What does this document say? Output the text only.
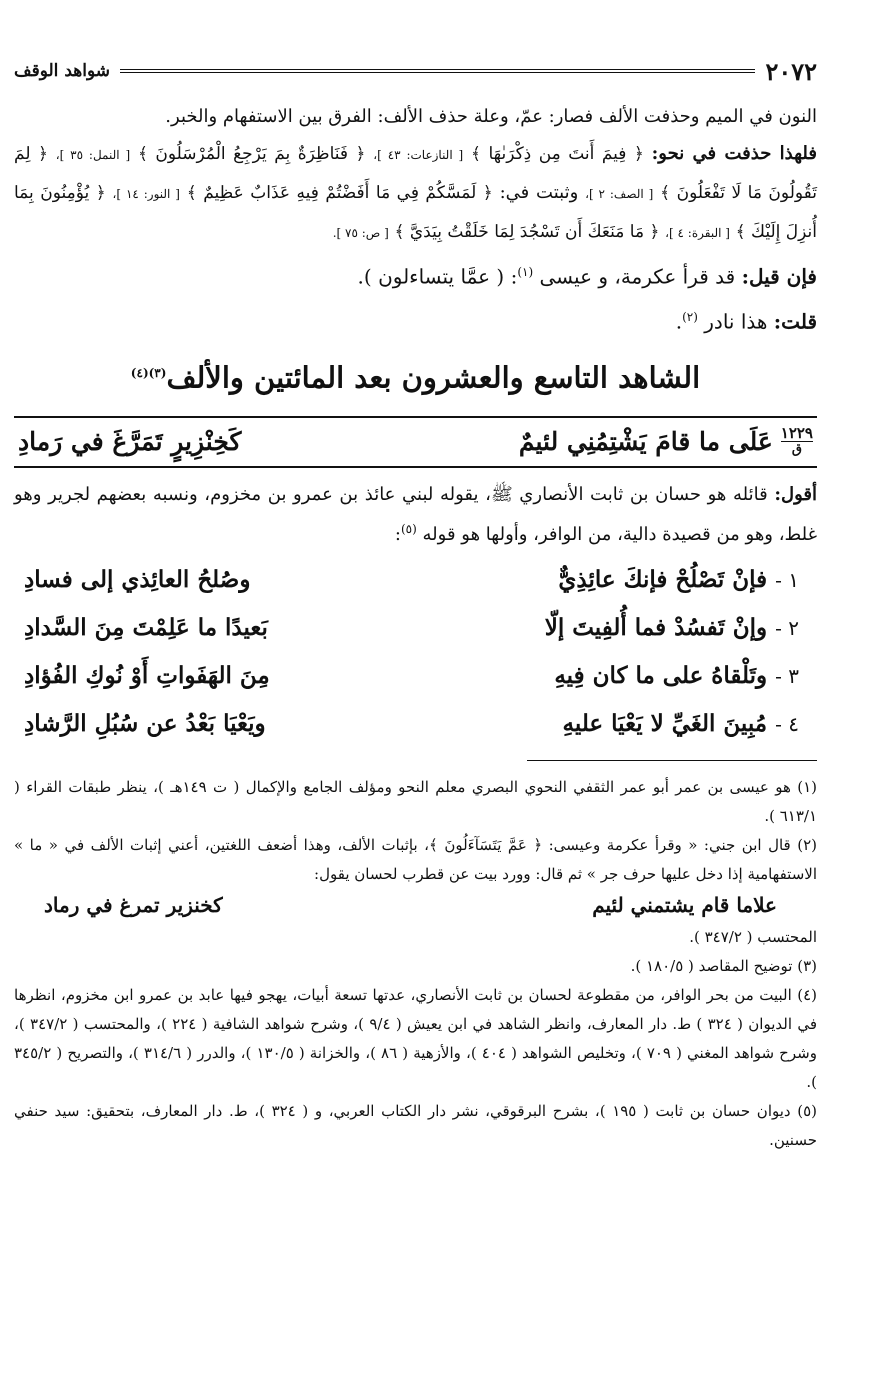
٢٠٧٢
شواهد الوقف

النون في الميم وحذفت الألف فصار: عمّ، وعلة حذف الألف: الفرق بين الاستفهام والخبر.

فلهذا حذفت في نحو: ﴿ فِيمَ أَنتَ مِن ذِكْرَىٰهَا ﴾ [ النازعات: ٤٣ ]، ﴿ فَنَاظِرَةٌ بِمَ يَرْجِعُ الْمُرْسَلُونَ ﴾ [ النمل: ٣٥ ]، ﴿ لِمَ تَقُولُونَ مَا لَا تَفْعَلُونَ ﴾ [ الصف: ٢ ]، وثبتت في: ﴿ لَمَسَّكُمْ فِي مَا أَفَضْتُمْ فِيهِ عَذَابٌ عَظِيمٌ ﴾ [ النور: ١٤ ]، ﴿ يُؤْمِنُونَ بِمَا أُنزِلَ إِلَيْكَ ﴾ [ البقرة: ٤ ]، ﴿ مَا مَنَعَكَ أَن تَسْجُدَ لِمَا خَلَقْتُ بِيَدَيَّ ﴾ [ ص: ٧٥ ].

فإن قيل: قد قرأ عكرمة، و عيسى $^{(١)}$: ( عمَّا يتساءلون ).

قلت: هذا نادر $^{(٢)}$.

الشاهد التاسع والعشرون بعد المائتين والألف$^{(٣)(٤)}$
١٢٢٩
ق
عَلَى ما قامَ يَشْتِمُنِي لئيمٌ
كَخِنْزِيرٍ تَمَرَّغَ في رَمادِ

أقول: قائله هو حسان بن ثابت الأنصاري ﷺ، يقوله لبني عائذ بن عمرو بن مخزوم، ونسبه بعضهم لجرير وهو غلط، وهو من قصيدة دالية، من الوافر، وأولها هو قوله $^{(٥)}$:

١ -فإنْ تَصْلُحْ فإنكَ عائِذِيٌّ
وصُلحُ العائِذي إلى فسادِ
٢ -وإنْ تَفسُدْ فما أُلفِيتَ إلّا
بَعيدًا ما عَلِمْتَ مِنَ السَّدادِ
٣ -وتَلْقاهُ على ما كان فِيهِ
مِنَ الهَفَواتِ أَوْ نُوكِ الفُؤادِ
٤ -مُبِينَ الغَيِّ لا يَعْيَا عليهِ
ويَعْيَا بَعْدُ عن سُبُلِ الرَّشادِ

(١) هو عيسى بن عمر أبو عمر الثقفي النحوي البصري معلم النحو ومؤلف الجامع والإكمال ( ت ١٤٩هـ )، ينظر طبقات القراء ( ٦١٣/١ ).

(٢) قال ابن جني: « وقرأ عكرمة وعيسى: ﴿ عَمَّ يَتَسَآءَلُونَ ﴾، بإثبات الألف، وهذا أضعف اللغتين، أعني إثبات الألف في « ما » الاستفهامية إذا دخل عليها حرف جر » ثم قال: وورد بيت عن قطرب لحسان يقول:

علاما قام يشتمني لئيم
كخنزير تمرغ في رماد

المحتسب ( ٣٤٧/٢ ).

(٣) توضيح المقاصد ( ١٨٠/٥ ).

(٤) البيت من بحر الوافر، من مقطوعة لحسان بن ثابت الأنصاري، عدتها تسعة أبيات، يهجو فيها عابد بن عمرو ابن مخزوم، انظرها في الديوان ( ٣٢٤ ) ط. دار المعارف، وانظر الشاهد في ابن يعيش ( ٩/٤ )، وشرح شواهد الشافية ( ٢٢٤ )، والمحتسب ( ٣٤٧/٢ )، وشرح شواهد المغني ( ٧٠٩ )، وتخليص الشواهد ( ٤٠٤ )، والأزهية ( ٨٦ )، والخزانة ( ١٣٠/٥ )، والدرر ( ٣١٤/٦ )، والتصريح ( ٣٤٥/٢ ).

(٥) ديوان حسان بن ثابت ( ١٩٥ )، بشرح البرقوقي، نشر دار الكتاب العربي، و ( ٣٢٤ )، ط. دار المعارف، بتحقيق: سيد حنفي حسنين.
